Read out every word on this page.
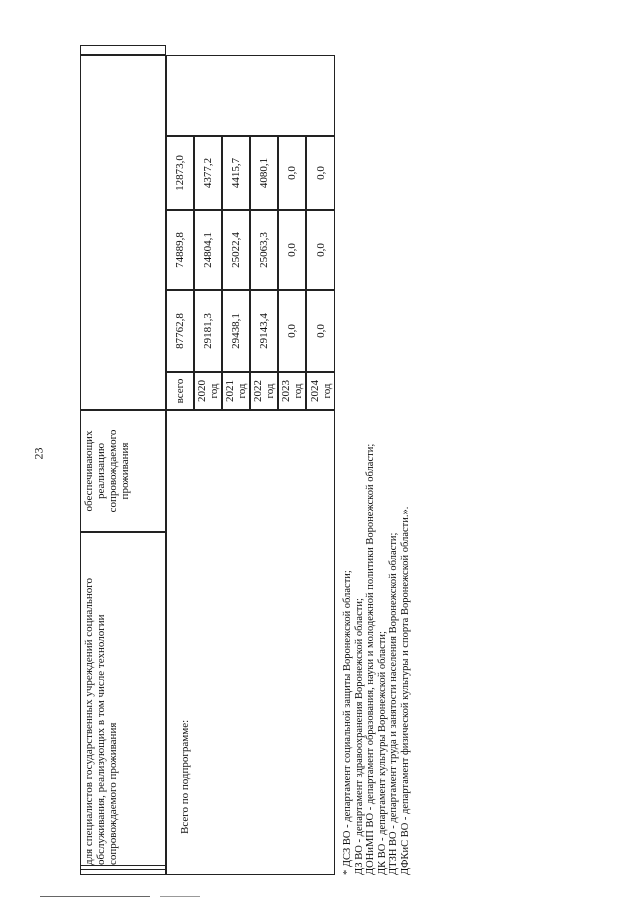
23
для специалистов государственных учреждений социального обслуживания, реализующих в том числе технологии сопровождаемого проживания
обеспечивающих реализацию сопровождаемого проживания
Всего по подпрограмме:
всего
87762,8
74889,8
12873,0
2020 год
29181,3
24804,1
4377,2
2021 год
29438,1
25022,4
4415,7
2022 год
29143,4
25063,3
4080,1
2023 год
0,0
0,0
0,0
2024 год
0,0
0,0
0,0
* ДСЗ ВО - департамент социальной защиты Воронежской области; ДЗ ВО - департамент здравоохранения Воронежской области; ДОНиМП ВО - департамент образования, науки и молодежной политики Воронежской области; ДК ВО - департамент культуры Воронежской области; ДТЗН ВО - департамент труда и занятости населения Воронежской области; ДФКиС ВО - департамент физической культуры и спорта Воронежской области.».
